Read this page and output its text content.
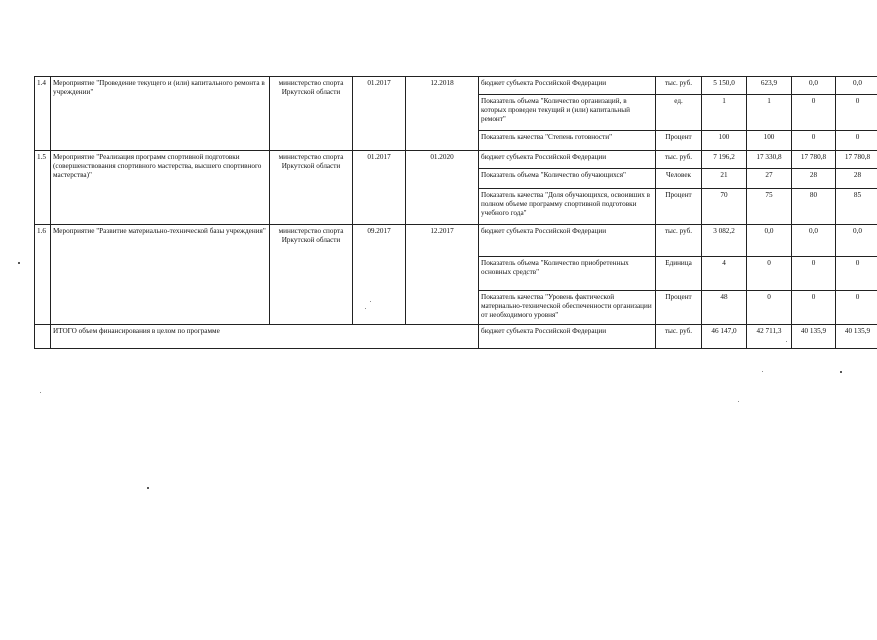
1.4	Мероприятие "Проведение текущего и (или) капитального ремонта в учреждении"	министерство спорта Иркутской области	01.2017	12.2018	бюджет субъекта Российской Федерации	тыс. руб.	5 150,0	623,9	0,0	0,0
					Показатель объема "Количество организаций, в которых проведен текущий и (или) капитальный ремонт"	ед.	1	1	0	0
					Показатель качества "Степень готовности"	Процент	100	100	0	0
1.5	Мероприятие "Реализация программ спортивной подготовки (совершенствования спортивного мастерства, высшего спортивного мастерства)"	министерство спорта Иркутской области	01.2017	01.2020	бюджет субъекта Российской Федерации	тыс. руб.	7 196,2	17 330,8	17 780,8	17 780,8
					Показатель объема "Количество обучающихся"	Человек	21	27	28	28
					Показатель качества "Доля обучающихся, освоивших в полном объеме программу спортивной подготовки учебного года"	Процент	70	75	80	85
1.6	Мероприятие "Развитие материально-технической базы учреждения"	министерство спорта Иркутской области	09.2017	12.2017	бюджет субъекта Российской Федерации	тыс. руб.	3 082,2	0,0	0,0	0,0
					Показатель объема "Количество приобретенных основных средств"	Единица	4	0	0	0
					Показатель качества "Уровень фактической материально-технической обеспеченности организации от необходимого уровня"	Процент	48	0	0	0
	ИТОГО объем финансирования в целом по программе				бюджет субъекта Российской Федерации	тыс. руб.	46 147,0	42 711,3	40 135,9	40 135,9
